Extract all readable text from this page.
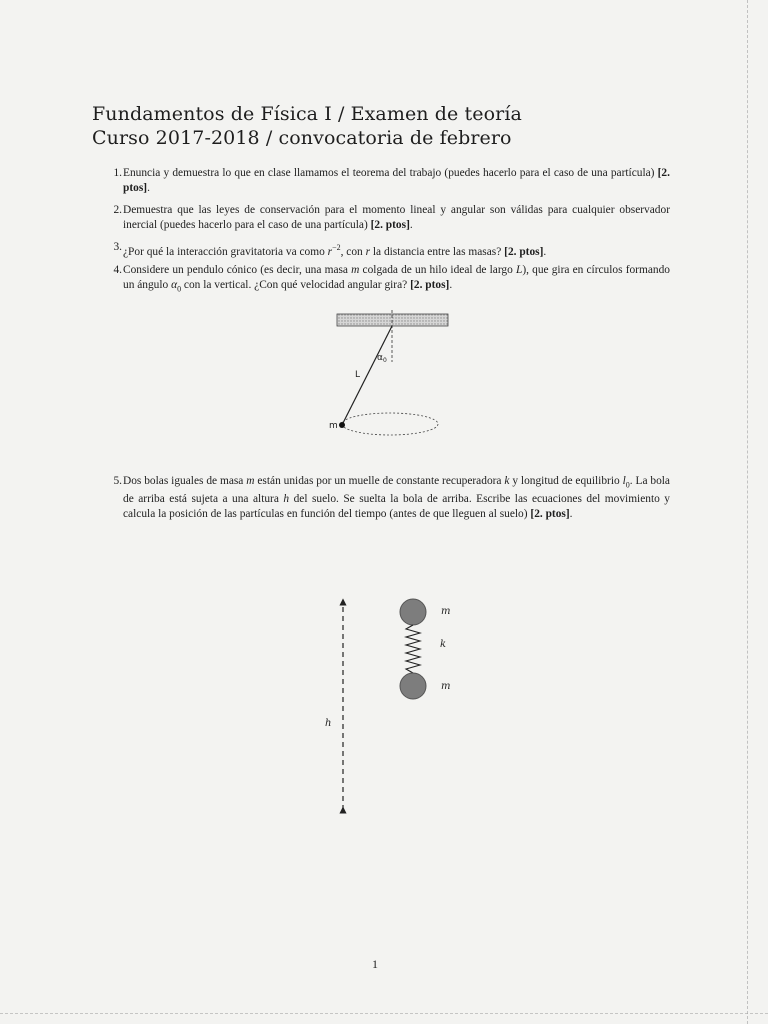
Fundamentos de Física I / Examen de teoría
Curso 2017-2018 / convocatoria de febrero
1. Enuncia y demuestra lo que en clase llamamos el teorema del trabajo (puedes hacerlo para el caso de una partícula) [2. ptos].
2. Demuestra que las leyes de conservación para el momento lineal y angular son válidas para cualquier observador inercial (puedes hacerlo para el caso de una partícula) [2. ptos].
3. ¿Por qué la interacción gravitatoria va como $r^{-2}$, con r la distancia entre las masas? [2. ptos].
4. Considere un pendulo cónico (es decir, una masa m colgada de un hilo ideal de largo L), que gira en círculos formando un ángulo $\alpha_0$ con la vertical. ¿Con qué velocidad angular gira? [2. ptos].
5. Dos bolas iguales de masa m están unidas por un muelle de constante recuperadora k y longitud de equilibrio $l_0$. La bola de arriba está sujeta a una altura h del suelo. Se suelta la bola de arriba. Escribe las ecuaciones del movimiento y calcula la posición de las partículas en función del tiempo (antes de que lleguen al suelo) [2. ptos].
$\alpha_0$
L
m
h
m
k
m
1
